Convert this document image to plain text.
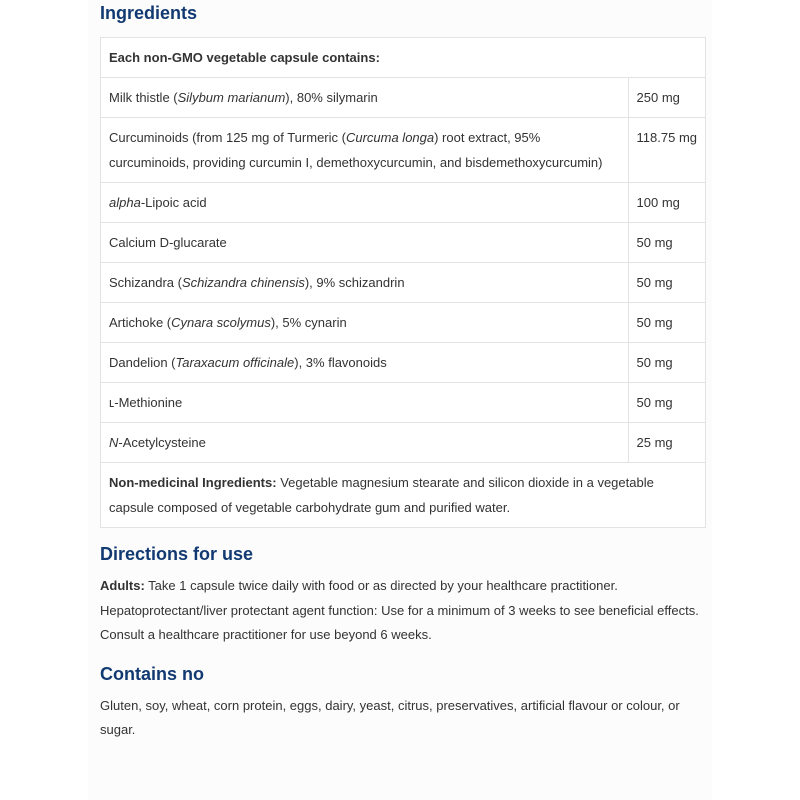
Ingredients
Each non-GMO vegetable capsule contains:	
Milk thistle (Silybum marianum), 80% silymarin	250 mg
Curcuminoids (from 125 mg of Turmeric (Curcuma longa) root extract, 95% curcuminoids, providing curcumin I, demethoxycurcumin, and bisdemethoxycurcumin)	118.75 mg
alpha-Lipoic acid	100 mg
Calcium D-glucarate	50 mg
Schizandra (Schizandra chinensis), 9% schizandrin	50 mg
Artichoke (Cynara scolymus), 5% cynarin	50 mg
Dandelion (Taraxacum officinale), 3% flavonoids	50 mg
ʟ-Methionine	50 mg
N-Acetylcysteine	25 mg
Non-medicinal Ingredients: Vegetable magnesium stearate and silicon dioxide in a vegetable capsule composed of vegetable carbohydrate gum and purified water.	
Directions for use

Adults: Take 1 capsule twice daily with food or as directed by your healthcare practitioner. Hepatoprotectant/liver protectant agent function: Use for a minimum of 3 weeks to see beneficial effects. Consult a healthcare practitioner for use beyond 6 weeks.

Contains no

Gluten, soy, wheat, corn protein, eggs, dairy, yeast, citrus, preservatives, artificial flavour or colour, or sugar.
